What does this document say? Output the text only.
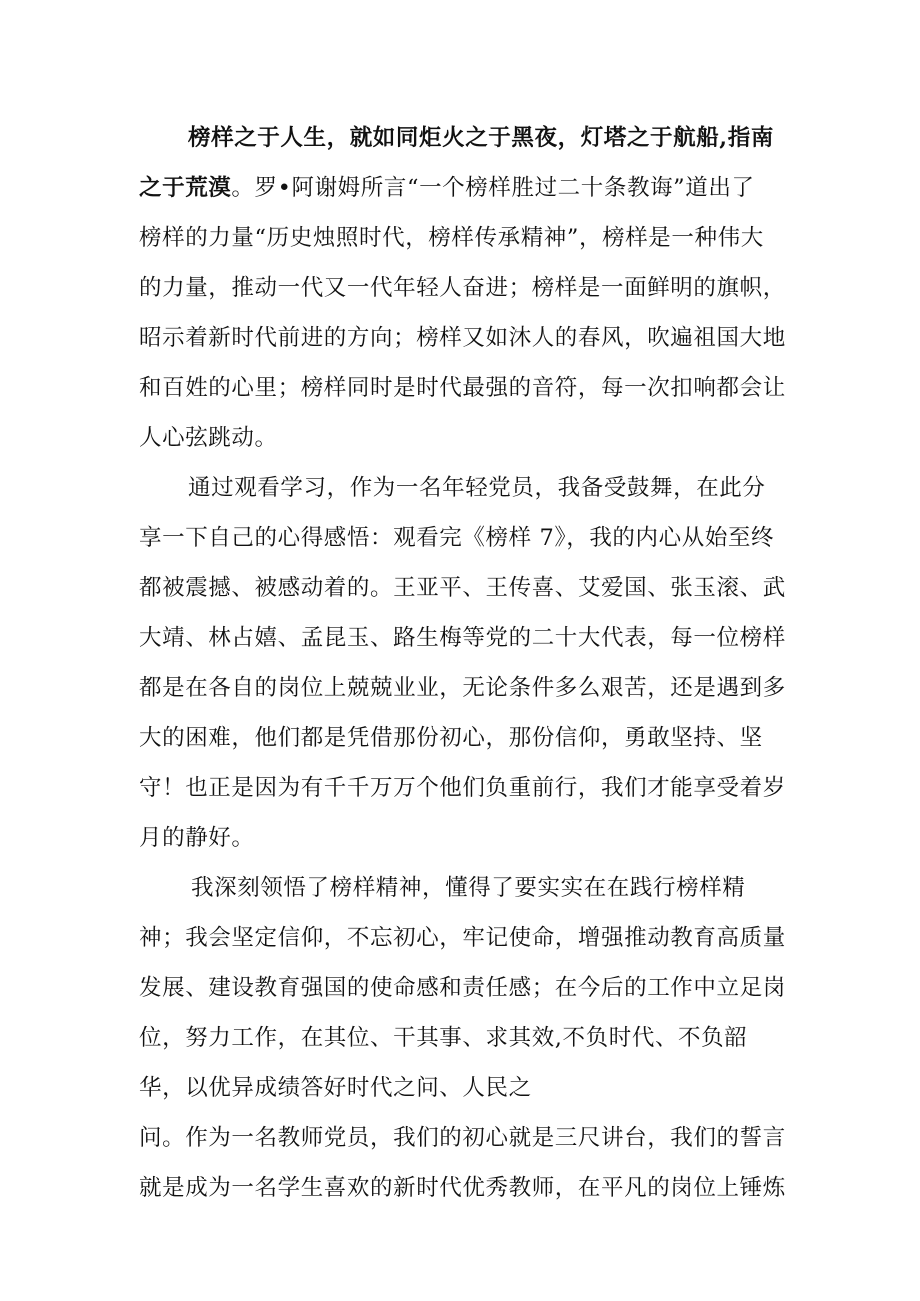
榜样之于人生，就如同炬火之于黑夜，灯塔之于航船,指南
之于荒漠。罗•阿谢姆所言“一个榜样胜过二十条教诲”道出了
榜样的力量“历史烛照时代，榜样传承精神”，榜样是一种伟大
的力量，推动一代又一代年轻人奋进；榜样是一面鲜明的旗帜，
昭示着新时代前进的方向；榜样又如沐人的春风，吹遍祖国大地
和百姓的心里；榜样同时是时代最强的音符，每一次扣响都会让
人心弦跳动。
通过观看学习，作为一名年轻党员，我备受鼓舞，在此分
享一下自己的心得感悟：观看完《榜样 7》，我的内心从始至终
都被震撼、被感动着的。王亚平、王传喜、艾爱国、张玉滚、武
大靖、林占嬉、孟昆玉、路生梅等党的二十大代表，每一位榜样
都是在各自的岗位上兢兢业业，无论条件多么艰苦，还是遇到多
大的困难，他们都是凭借那份初心，那份信仰，勇敢坚持、坚
守！也正是因为有千千万万个他们负重前行，我们才能享受着岁
月的静好。
我深刻领悟了榜样精神，懂得了要实实在在践行榜样精
神；我会坚定信仰，不忘初心，牢记使命，增强推动教育高质量
发展、建设教育强国的使命感和责任感；在今后的工作中立足岗
位，努力工作，在其位、干其事、求其效,不负时代、不负韶
华，以优异成绩答好时代之问、人民之
问。作为一名教师党员，我们的初心就是三尺讲台，我们的誓言
就是成为一名学生喜欢的新时代优秀教师，在平凡的岗位上锤炼
